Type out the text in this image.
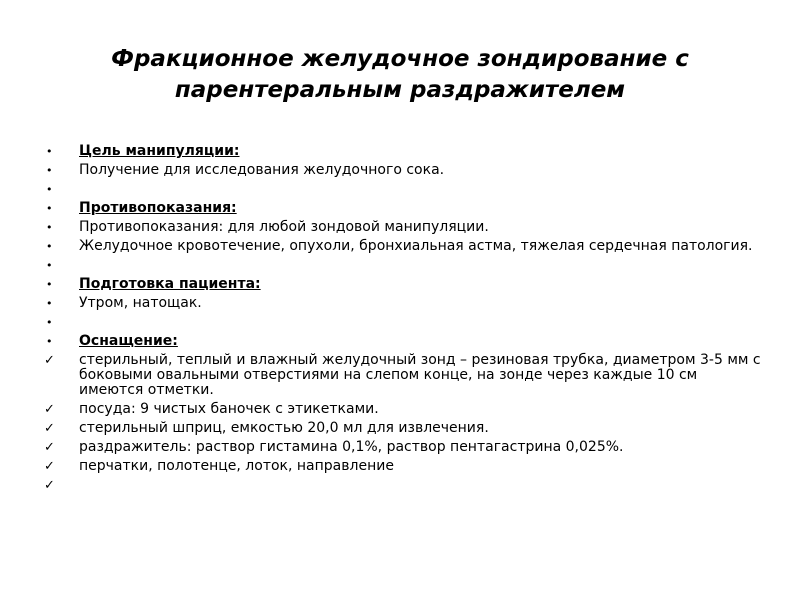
Фракционное желудочное зондирование с парентеральным раздражителем
•	Цель манипуляции:
•	Получение для исследования желудочного сока.
•
•	Противопоказания:
•	Противопоказания: для любой зондовой манипуляции.
•	Желудочное кровотечение, опухоли, бронхиальная астма, тяжелая сердечная патология.
•
•	Подготовка пациента:
•	Утром, натощак.
•
•	Оснащение:
✓	стерильный, теплый и влажный желудочный зонд – резиновая трубка, диаметром 3-5 мм с боковыми овальными отверстиями на слепом конце, на зонде через каждые 10 см имеются отметки.
✓	посуда: 9 чистых баночек с этикетками.
✓	стерильный шприц, емкостью 20,0 мл для извлечения.
✓	раздражитель: раствор гистамина 0,1%, раствор пентагастрина 0,025%.
✓	перчатки, полотенце, лоток, направление
✓
